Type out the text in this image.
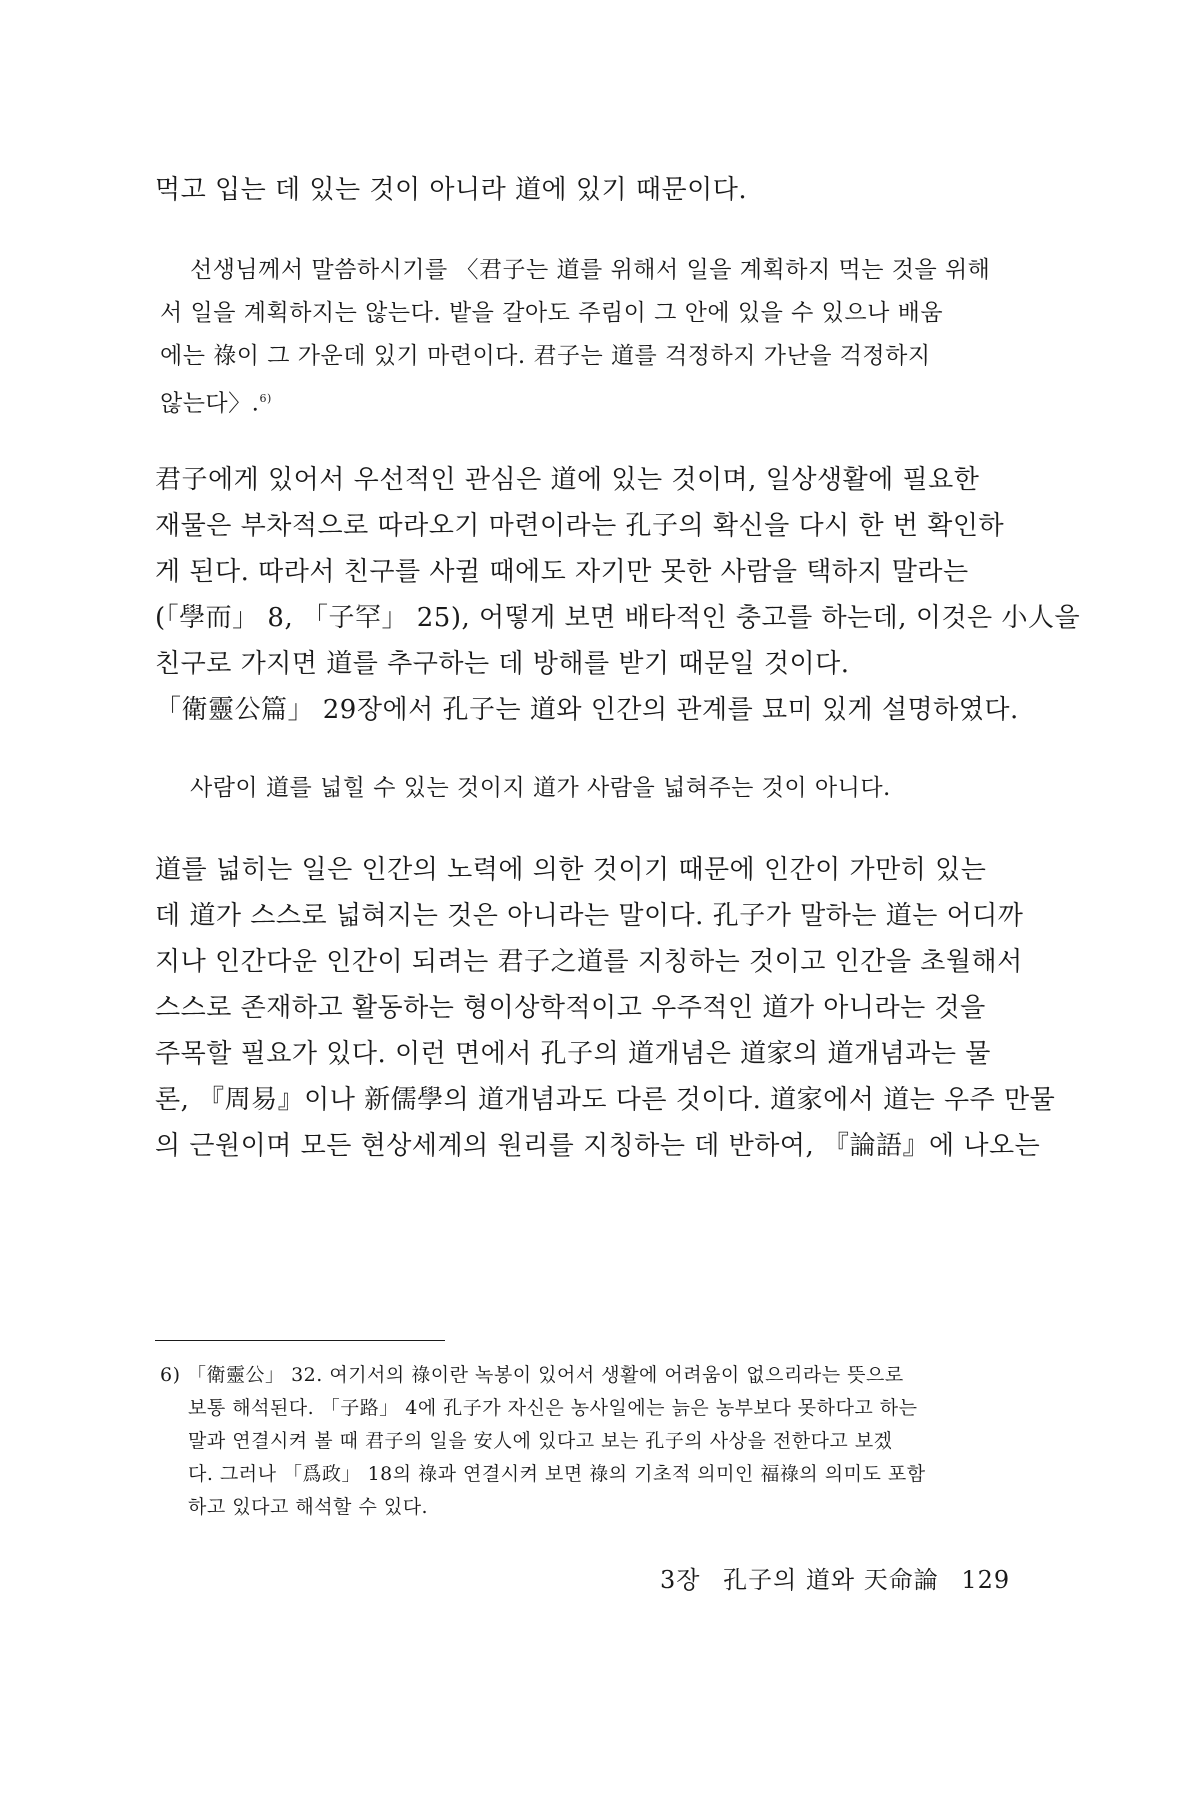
먹고 입는 데 있는 것이 아니라 道에 있기 때문이다.
선생님께서 말씀하시기를 〈君子는 道를 위해서 일을 계획하지 먹는 것을 위해
서 일을 계획하지는 않는다. 밭을 갈아도 주림이 그 안에 있을 수 있으나 배움
에는 祿이 그 가운데 있기 마련이다. 君子는 道를 걱정하지 가난을 걱정하지
않는다〉.$^{6)}$
君子에게 있어서 우선적인 관심은 道에 있는 것이며, 일상생활에 필요한
재물은 부차적으로 따라오기 마련이라는 孔子의 확신을 다시 한 번 확인하
게 된다. 따라서 친구를 사귈 때에도 자기만 못한 사람을 택하지 말라는
(「學而」 8, 「子罕」 25), 어떻게 보면 배타적인 충고를 하는데, 이것은 小人을
친구로 가지면 道를 추구하는 데 방해를 받기 때문일 것이다.
「衛靈公篇」 29장에서 孔子는 道와 인간의 관계를 묘미 있게 설명하였다.
사람이 道를 넓힐 수 있는 것이지 道가 사람을 넓혀주는 것이 아니다.
道를 넓히는 일은 인간의 노력에 의한 것이기 때문에 인간이 가만히 있는
데 道가 스스로 넓혀지는 것은 아니라는 말이다. 孔子가 말하는 道는 어디까
지나 인간다운 인간이 되려는 君子之道를 지칭하는 것이고 인간을 초월해서
스스로 존재하고 활동하는 형이상학적이고 우주적인 道가 아니라는 것을
주목할 필요가 있다. 이런 면에서 孔子의 道개념은 道家의 道개념과는 물
론, 『周易』이나 新儒學의 道개념과도 다른 것이다. 道家에서 道는 우주 만물
의 근원이며 모든 현상세계의 원리를 지칭하는 데 반하여, 『論語』에 나오는
6) 「衛靈公」 32. 여기서의 祿이란 녹봉이 있어서 생활에 어려움이 없으리라는 뜻으로
보통 해석된다. 「子路」 4에 孔子가 자신은 농사일에는 늙은 농부보다 못하다고 하는
말과 연결시켜 볼 때 君子의 일을 安人에 있다고 보는 孔子의 사상을 전한다고 보겠
다. 그러나 「爲政」 18의 祿과 연결시켜 보면 祿의 기초적 의미인 福祿의 의미도 포함
하고 있다고 해석할 수 있다.
3장 孔子의 道와 天命論 129
